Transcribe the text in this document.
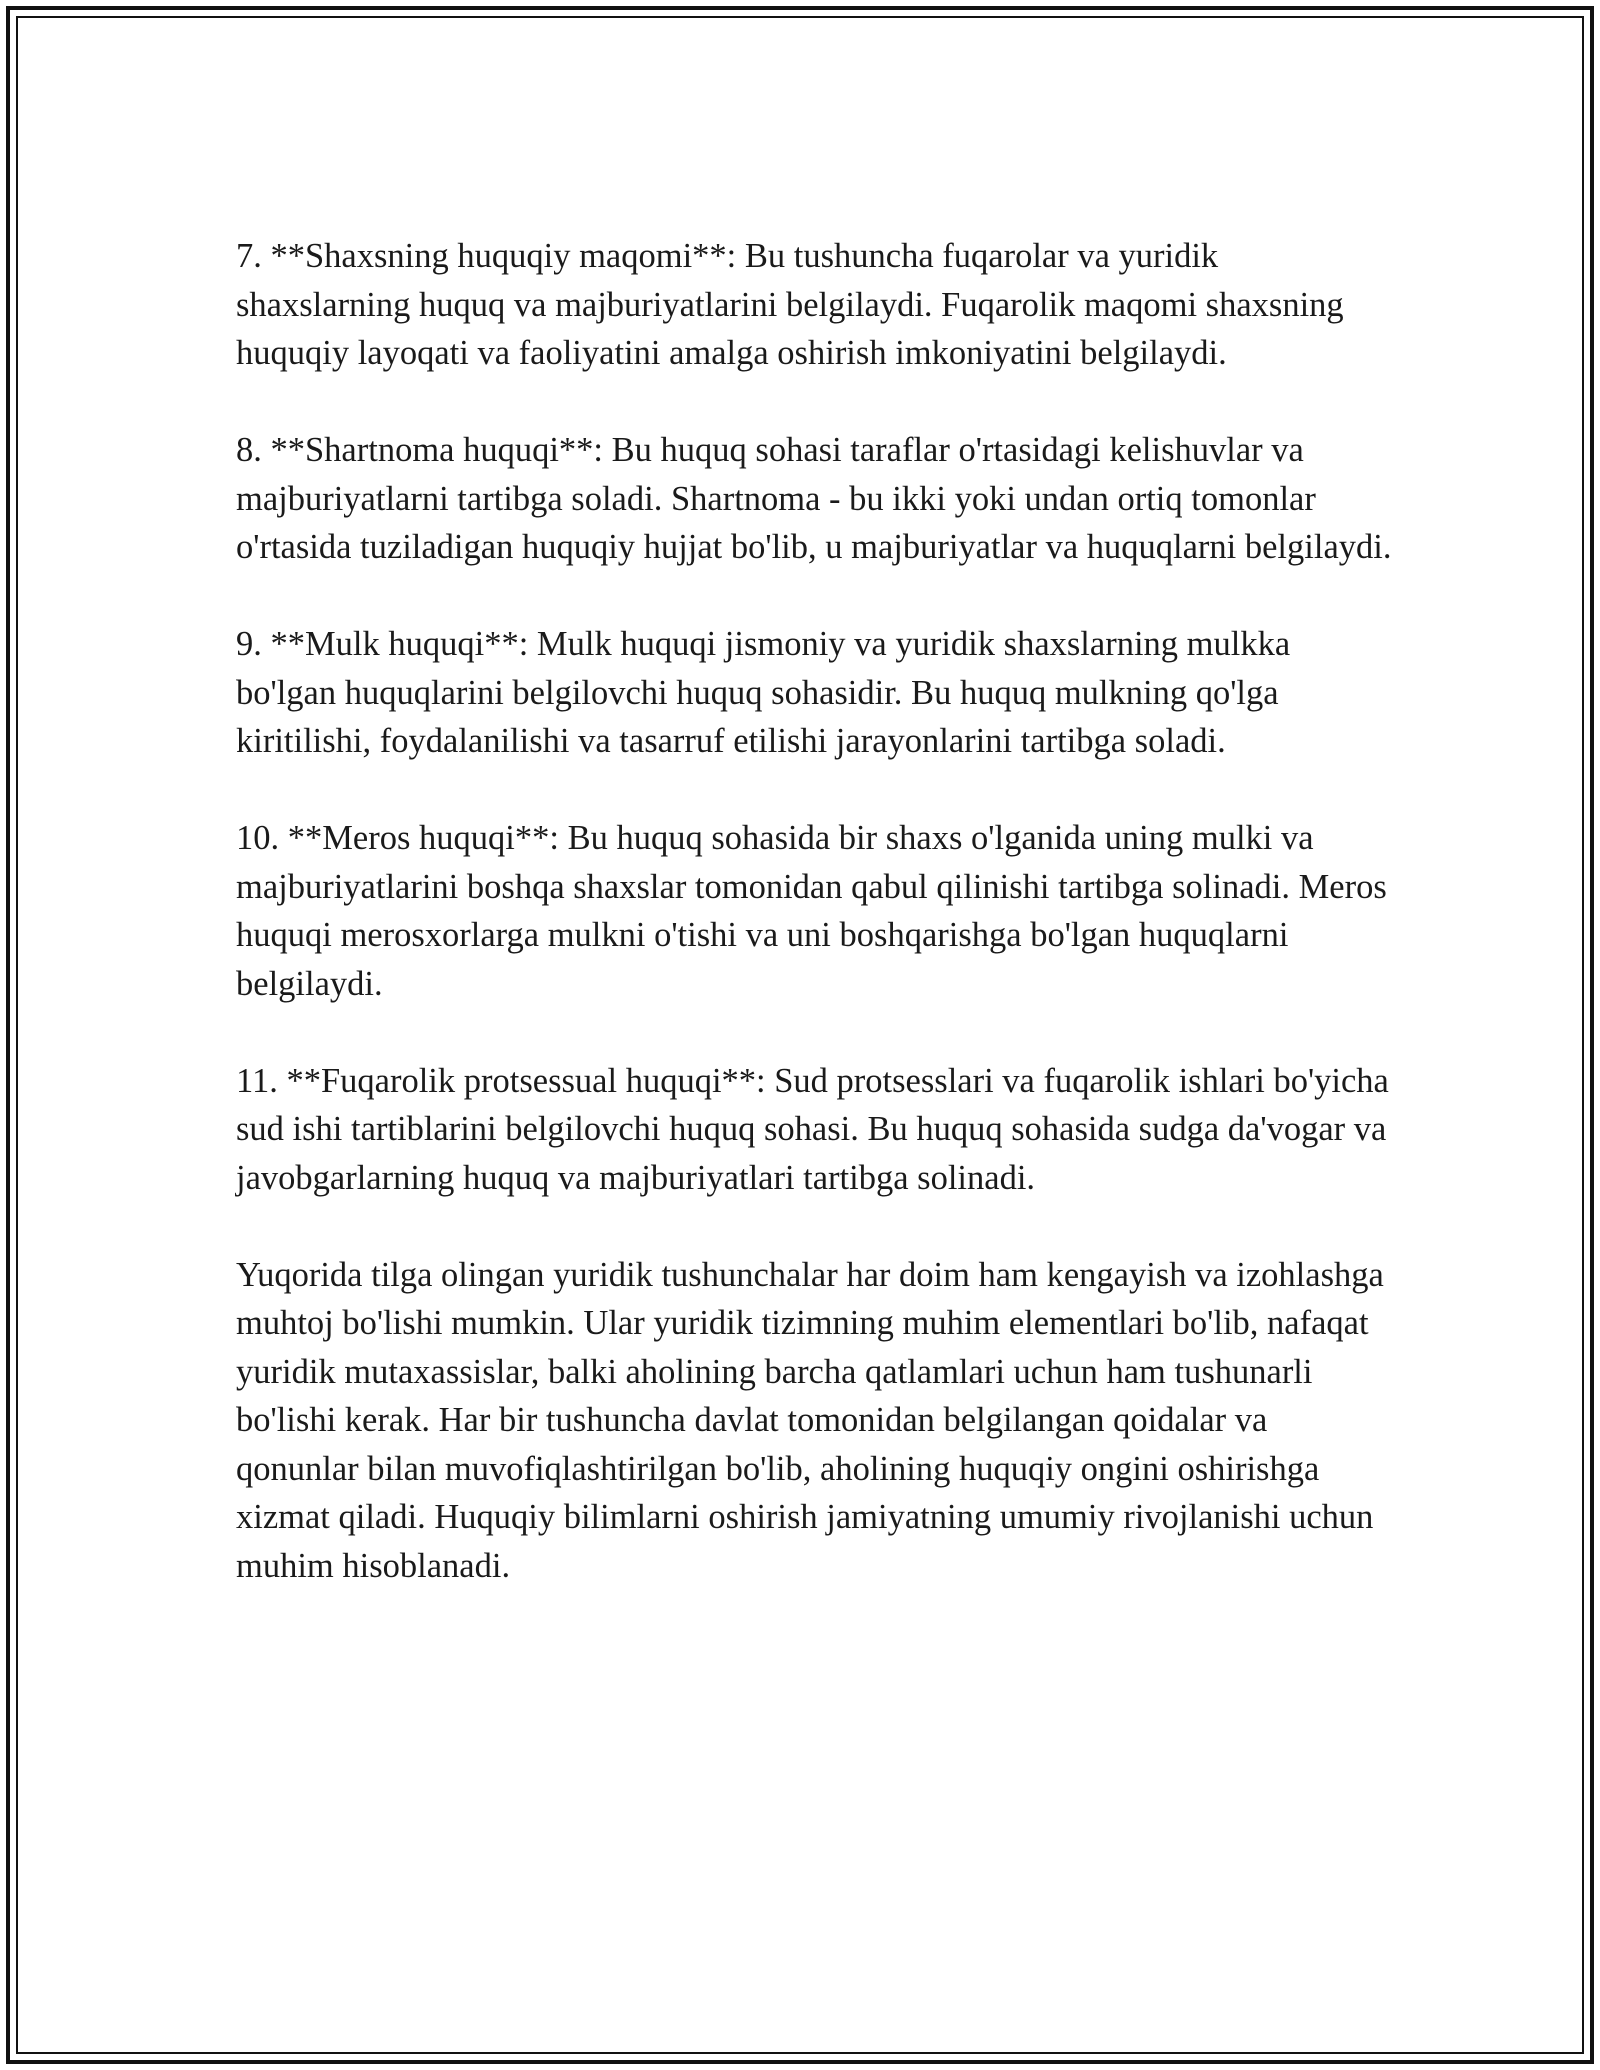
7. **Shaxsning huquqiy maqomi**: Bu tushuncha fuqarolar va yuridik shaxslarning huquq va majburiyatlarini belgilaydi. Fuqarolik maqomi shaxsning huquqiy layoqati va faoliyatini amalga oshirish imkoniyatini belgilaydi.

8. **Shartnoma huquqi**: Bu huquq sohasi taraflar o'rtasidagi kelishuvlar va majburiyatlarni tartibga soladi. Shartnoma - bu ikki yoki undan ortiq tomonlar o'rtasida tuziladigan huquqiy hujjat bo'lib, u majburiyatlar va huquqlarni belgilaydi.

9. **Mulk huquqi**: Mulk huquqi jismoniy va yuridik shaxslarning mulkka bo'lgan huquqlarini belgilovchi huquq sohasidir. Bu huquq mulkning qo'lga kiritilishi, foydalanilishi va tasarruf etilishi jarayonlarini tartibga soladi.

10. **Meros huquqi**: Bu huquq sohasida bir shaxs o'lganida uning mulki va majburiyatlarini boshqa shaxslar tomonidan qabul qilinishi tartibga solinadi. Meros huquqi merosxorlarga mulkni o'tishi va uni boshqarishga bo'lgan huquqlarni belgilaydi.

11. **Fuqarolik protsessual huquqi**: Sud protsesslari va fuqarolik ishlari bo'yicha sud ishi tartiblarini belgilovchi huquq sohasi. Bu huquq sohasida sudga da'vogar va javobgarlarning huquq va majburiyatlari tartibga solinadi.

Yuqorida tilga olingan yuridik tushunchalar har doim ham kengayish va izohlashga muhtoj bo'lishi mumkin. Ular yuridik tizimning muhim elementlari bo'lib, nafaqat yuridik mutaxassislar, balki aholining barcha qatlamlari uchun ham tushunarli bo'lishi kerak. Har bir tushuncha davlat tomonidan belgilangan qoidalar va qonunlar bilan muvofiqlashtirilgan bo'lib, aholining huquqiy ongini oshirishga xizmat qiladi. Huquqiy bilimlarni oshirish jamiyatning umumiy rivojlanishi uchun muhim hisoblanadi.
